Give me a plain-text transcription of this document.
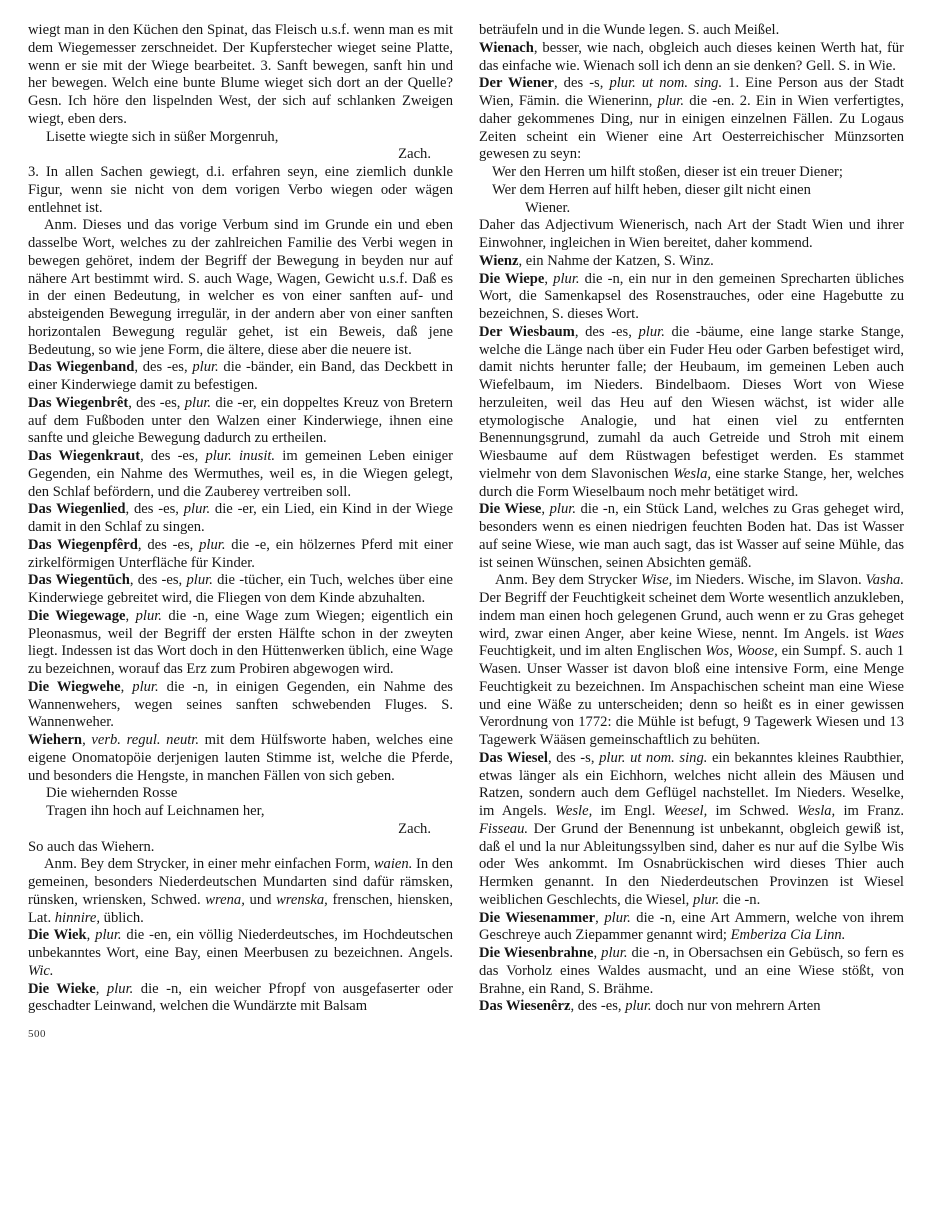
wiegt man in den Küchen den Spinat, das Fleisch u.s.f. wenn man es mit dem Wiegemesser zerschneidet. Der Kupferstecher wieget seine Platte, wenn er sie mit der Wiege bearbeitet. 3. Sanft bewegen, sanft hin und her bewegen. Welch eine bunte Blume wieget sich dort an der Quelle? Gesn. Ich höre den lispelnden West, der sich auf schlanken Zweigen wiegt, eben ders.

Lisette wiegte sich in süßer Morgenruh,

Zach.

3. In allen Sachen gewiegt, d.i. erfahren seyn, eine ziemlich dunkle Figur, wenn sie nicht von dem vorigen Verbo wiegen oder wägen entlehnet ist.

Anm. Dieses und das vorige Verbum sind im Grunde ein und eben dasselbe Wort, welches zu der zahlreichen Familie des Verbi wegen in bewegen gehöret, indem der Begriff der Bewegung in beyden nur auf nähere Art bestimmt wird. S. auch Wage, Wagen, Gewicht u.s.f. Daß es in der einen Bedeutung, in welcher es von einer sanften auf- und absteigenden Bewegung irregulär, in der andern aber von einer sanften horizontalen Bewegung regulär gehet, ist ein Beweis, daß jene Bedeutung, so wie jene Form, die ältere, diese aber die neuere ist.

Das Wiegenband, des -es, plur. die -bänder, ein Band, das Deckbett in einer Kinderwiege damit zu befestigen.

Das Wiegenbrêt, des -es, plur. die -er, ein doppeltes Kreuz von Bretern auf dem Fußboden unter den Walzen einer Kinderwiege, ihnen eine sanfte und gleiche Bewegung dadurch zu ertheilen.

Das Wiegenkraut, des -es, plur. inusit. im gemeinen Leben einiger Gegenden, ein Nahme des Wermuthes, weil es, in die Wiegen gelegt, den Schlaf befördern, und die Zauberey vertreiben soll.

Das Wiegenlied, des -es, plur. die -er, ein Lied, ein Kind in der Wiege damit in den Schlaf zu singen.

Das Wiegenpfêrd, des -es, plur. die -e, ein hölzernes Pferd mit einer zirkelförmigen Unterfläche für Kinder.

Das Wiegentūch, des -es, plur. die -tücher, ein Tuch, welches über eine Kinderwiege gebreitet wird, die Fliegen von dem Kinde abzuhalten.

Die Wiegewage, plur. die -n, eine Wage zum Wiegen; eigentlich ein Pleonasmus, weil der Begriff der ersten Hälfte schon in der zweyten liegt. Indessen ist das Wort doch in den Hüttenwerken üblich, eine Wage zu bezeichnen, worauf das Erz zum Probiren abgewogen wird.

Die Wiegwehe, plur. die -n, in einigen Gegenden, ein Nahme des Wannenwehers, wegen seines sanften schwebenden Fluges. S. Wannenweher.

Wiehern, verb. regul. neutr. mit dem Hülfsworte haben, welches eine eigene Onomatopöie derjenigen lauten Stimme ist, welche die Pferde, und besonders die Hengste, in manchen Fällen von sich geben.

Die wiehernden Rosse

Tragen ihn hoch auf Leichnamen her,

Zach.

So auch das Wiehern.

Anm. Bey dem Strycker, in einer mehr einfachen Form, waien. In den gemeinen, besonders Niederdeutschen Mundarten sind dafür rämsken, rünsken, wriensken, Schwed. wrena, und wrenska, frenschen, hiensken, Lat. hinnire, üblich.

Die Wiek, plur. die -en, ein völlig Niederdeutsches, im Hochdeutschen unbekanntes Wort, eine Bay, einen Meerbusen zu bezeichnen. Angels. Wic.

Die Wieke, plur. die -n, ein weicher Pfropf von ausgefaserter oder geschadter Leinwand, welchen die Wundärzte mit Balsam

beträufeln und in die Wunde legen. S. auch Meißel.

Wienach, besser, wie nach, obgleich auch dieses keinen Werth hat, für das einfache wie. Wienach soll ich denn an sie denken? Gell. S. in Wie.

Der Wiener, des -s, plur. ut nom. sing. 1. Eine Person aus der Stadt Wien, Fämin. die Wienerinn, plur. die -en. 2. Ein in Wien verfertigtes, daher gekommenes Ding, nur in einigen einzelnen Fällen. Zu Logaus Zeiten scheint ein Wiener eine Art Oesterreichischer Münzsorten gewesen zu seyn:

Wer den Herren um hilft stoßen, dieser ist ein treuer Diener;

Wer dem Herren auf hilft heben, dieser gilt nicht einen

Wiener.

Daher das Adjectivum Wienerisch, nach Art der Stadt Wien und ihrer Einwohner, ingleichen in Wien bereitet, daher kommend.

Wienz, ein Nahme der Katzen, S. Winz.

Die Wiepe, plur. die -n, ein nur in den gemeinen Sprecharten übliches Wort, die Samenkapsel des Rosenstrauches, oder eine Hagebutte zu bezeichnen, S. dieses Wort.

Der Wiesbaum, des -es, plur. die -bäume, eine lange starke Stange, welche die Länge nach über ein Fuder Heu oder Garben befestiget wird, damit nichts herunter falle; der Heubaum, im gemeinen Leben auch Wiefelbaum, im Nieders. Bindelbaom. Dieses Wort von Wiese herzuleiten, weil das Heu auf den Wiesen wächst, ist wider alle etymologische Analogie, und hat einen viel zu entfernten Benennungsgrund, zumahl da auch Getreide und Stroh mit einem Wiesbaume auf dem Rüstwagen befestiget werden. Es stammet vielmehr von dem Slavonischen Wesla, eine starke Stange, her, welches durch die Form Wieselbaum noch mehr betätiget wird.

Die Wiese, plur. die -n, ein Stück Land, welches zu Gras geheget wird, besonders wenn es einen niedrigen feuchten Boden hat. Das ist Wasser auf seine Wiese, wie man auch sagt, das ist Wasser auf seine Mühle, das ist seinen Wünschen, seinen Absichten gemäß.

Anm. Bey dem Strycker Wise, im Nieders. Wische, im Slavon. Vasha. Der Begriff der Feuchtigkeit scheinet dem Worte wesentlich anzukleben, indem man einen hoch gelegenen Grund, auch wenn er zu Gras geheget wird, zwar einen Anger, aber keine Wiese, nennt. Im Angels. ist Waes Feuchtigkeit, und im alten Englischen Wos, Woose, ein Sumpf. S. auch 1 Wasen. Unser Wasser ist davon bloß eine intensive Form, eine Menge Feuchtigkeit zu bezeichnen. Im Anspachischen scheint man eine Wiese und eine Wäße zu unterscheiden; denn so heißt es in einer gewissen Verordnung von 1772: die Mühle ist befugt, 9 Tagewerk Wiesen und 13 Tagewerk Wääsen gemeinschaftlich zu behüten.

Das Wiesel, des -s, plur. ut nom. sing. ein bekanntes kleines Raubthier, etwas länger als ein Eichhorn, welches nicht allein des Mäusen und Ratzen, sondern auch dem Geflügel nachstellet. Im Nieders. Weselke, im Angels. Wesle, im Engl. Weesel, im Schwed. Wesla, im Franz. Fisseau. Der Grund der Benennung ist unbekannt, obgleich gewiß ist, daß el und la nur Ableitungssylben sind, daher es nur auf die Sylbe Wis oder Wes ankommt. Im Osnabrückischen wird dieses Thier auch Hermken genannt. In den Niederdeutschen Provinzen ist Wiesel weiblichen Geschlechts, die Wiesel, plur. die -n.

Die Wiesenammer, plur. die -n, eine Art Ammern, welche von ihrem Geschreye auch Ziepammer genannt wird; Emberiza Cia Linn.

Die Wiesenbrahne, plur. die -n, in Obersachsen ein Gebüsch, so fern es das Vorholz eines Waldes ausmacht, und an eine Wiese stößt, von Brahne, ein Rand, S. Brähme.

Das Wiesenêrz, des -es, plur. doch nur von mehrern Arten

500
